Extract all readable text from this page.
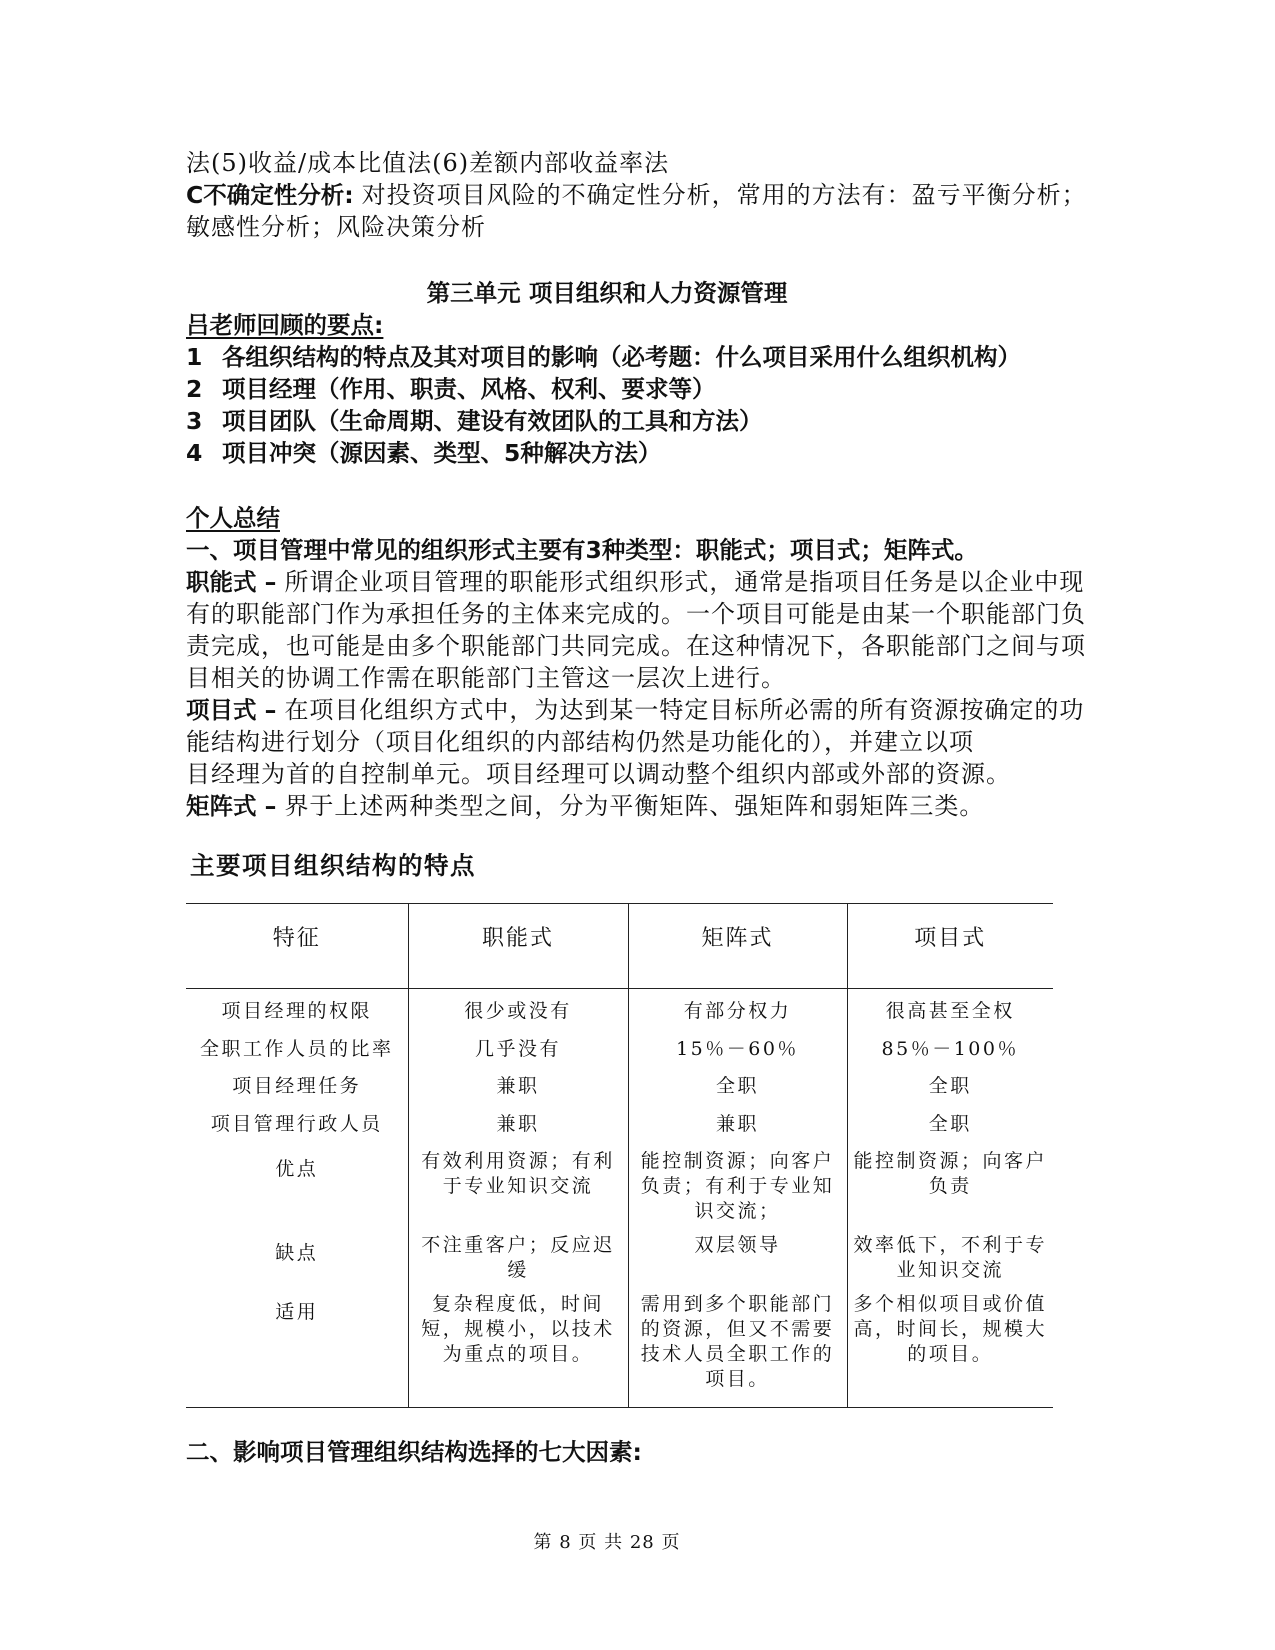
法(5)收益/成本比值法(6)差额内部收益率法
C不确定性分析: 对投资项目风险的不确定性分析，常用的方法有：盈亏平衡分析；
敏感性分析；风险决策分析
第三单元 项目组织和人力资源管理
吕老师回顾的要点:
1 各组织结构的特点及其对项目的影响（必考题：什么项目采用什么组织机构）
2 项目经理（作用、职责、风格、权利、要求等）
3 项目团队（生命周期、建设有效团队的工具和方法）
4 项目冲突（源因素、类型、5种解决方法）
个人总结
一、项目管理中常见的组织形式主要有3种类型：职能式；项目式；矩阵式。
职能式 – 所谓企业项目管理的职能形式组织形式，通常是指项目任务是以企业中现
有的职能部门作为承担任务的主体来完成的。一个项目可能是由某一个职能部门负
责完成，也可能是由多个职能部门共同完成。在这种情况下，各职能部门之间与项
目相关的协调工作需在职能部门主管这一层次上进行。
项目式 – 在项目化组织方式中，为达到某一特定目标所必需的所有资源按确定的功
能结构进行划分（项目化组织的内部结构仍然是功能化的），并建立以项
目经理为首的自控制单元。项目经理可以调动整个组织内部或外部的资源。
矩阵式 – 界于上述两种类型之间，分为平衡矩阵、强矩阵和弱矩阵三类。
主要项目组织结构的特点
特征	职能式	矩阵式	项目式
项目经理的权限	很少或没有	有部分权力	很高甚至全权
全职工作人员的比率	几乎没有	15％－60％	85％－100％
项目经理任务	兼职	全职	全职
项目管理行政人员	兼职	兼职	全职
优点	有效利用资源；有利于专业知识交流	能控制资源；向客户负责；有利于专业知识交流；	能控制资源；向客户负责
缺点	不注重客户；反应迟缓	双层领导	效率低下，不利于专业知识交流
适用	复杂程度低，时间短，规模小，以技术为重点的项目。	需用到多个职能部门的资源，但又不需要技术人员全职工作的项目。	多个相似项目或价值高，时间长，规模大的项目。
二、影响项目管理组织结构选择的七大因素:
第 8 页 共 28 页
